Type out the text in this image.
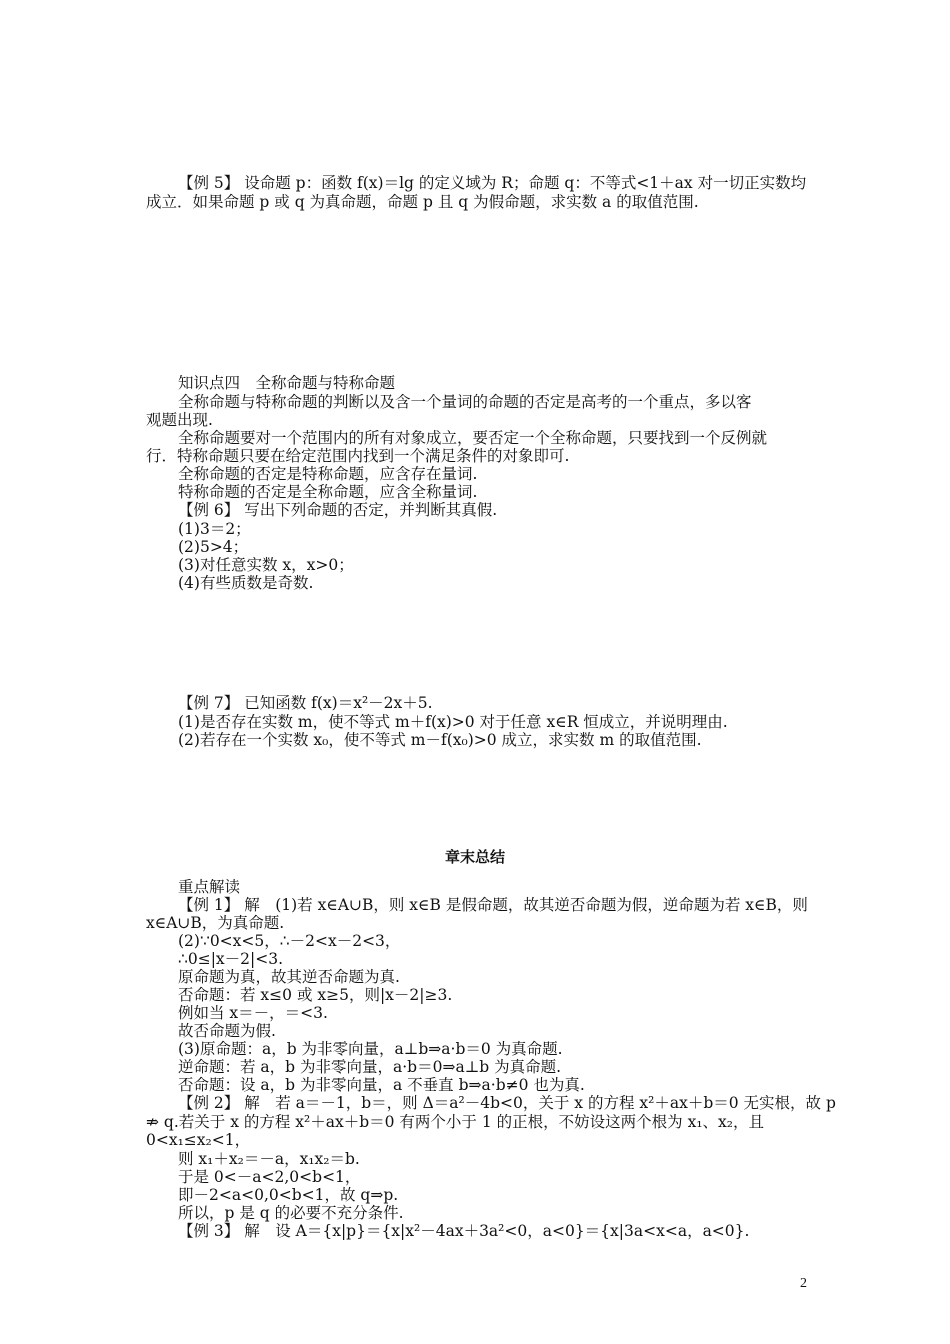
【例 5】 设命题 p：函数 f(x)＝lg 的定义域为 R；命题 q：不等式<1＋ax 对一切正实数均
成立．如果命题 p 或 q 为真命题，命题 p 且 q 为假命题，求实数 a 的取值范围.
知识点四　全称命题与特称命题
全称命题与特称命题的判断以及含一个量词的命题的否定是高考的一个重点，多以客
观题出现.
全称命题要对一个范围内的所有对象成立，要否定一个全称命题，只要找到一个反例就
行．特称命题只要在给定范围内找到一个满足条件的对象即可.
全称命题的否定是特称命题，应含存在量词.
特称命题的否定是全称命题，应含全称量词.
【例 6】 写出下列命题的否定，并判断其真假.
(1)3＝2；
(2)5>4；
(3)对任意实数 x，x>0；
(4)有些质数是奇数.
【例 7】 已知函数 f(x)＝x²－2x＋5.
(1)是否存在实数 m，使不等式 m＋f(x)>0 对于任意 x∈R 恒成立，并说明理由.
(2)若存在一个实数 x₀，使不等式 m－f(x₀)>0 成立，求实数 m 的取值范围.
章末总结
重点解读
【例 1】 解　(1)若 x∈A∪B，则 x∈B 是假命题，故其逆否命题为假，逆命题为若 x∈B，则
x∈A∪B，为真命题.
(2)∵0<x<5，∴－2<x－2<3，
∴0≤|x－2|<3.
原命题为真，故其逆否命题为真.
否命题：若 x≤0 或 x≥5，则|x－2|≥3.
例如当 x＝－，＝<3.
故否命题为假.
(3)原命题：a，b 为非零向量，a⊥b⇒a·b＝0 为真命题.
逆命题：若 a，b 为非零向量，a·b＝0⇒a⊥b 为真命题.
否命题：设 a，b 为非零向量，a 不垂直 b⇒a·b≠0 也为真.
【例 2】 解　若 a＝－1，b＝，则 Δ＝a²－4b<0，关于 x 的方程 x²＋ax＋b＝0 无实根，故 p
⇏ q.若关于 x 的方程 x²＋ax＋b＝0 有两个小于 1 的正根，不妨设这两个根为 x₁、x₂，且
0<x₁≤x₂<1，
则 x₁＋x₂＝－a，x₁x₂＝b.
于是 0<－a<2,0<b<1，
即－2<a<0,0<b<1，故 q⇒p.
所以，p 是 q 的必要不充分条件.
【例 3】 解　设 A＝{x|p}＝{x|x²－4ax＋3a²<0，a<0}＝{x|3a<x<a，a<0}.
2
